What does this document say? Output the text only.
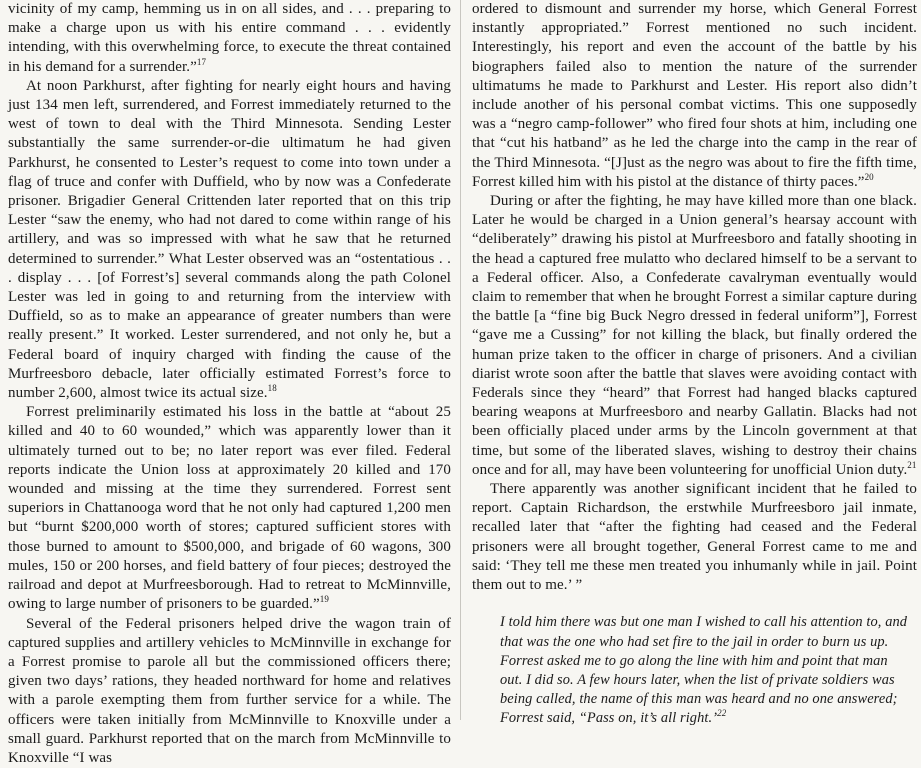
vicinity of my camp, hemming us in on all sides, and . . . preparing to make a charge upon us with his entire command . . . evidently intending, with this overwhelming force, to execute the threat contained in his demand for a surrender.”$^{17}$

At noon Parkhurst, after fighting for nearly eight hours and having just 134 men left, surrendered, and Forrest immediately returned to the west of town to deal with the Third Minnesota. Sending Lester substantially the same surrender-or-die ultimatum he had given Parkhurst, he consented to Lester’s request to come into town under a flag of truce and confer with Duffield, who by now was a Confederate prisoner. Brigadier General Crittenden later reported that on this trip Lester “saw the enemy, who had not dared to come within range of his artillery, and was so impressed with what he saw that he returned determined to surrender.” What Lester observed was an “ostentatious . . . display . . . [of Forrest’s] several commands along the path Colonel Lester was led in going to and returning from the interview with Duffield, so as to make an appearance of greater numbers than were really present.” It worked. Lester surrendered, and not only he, but a Federal board of inquiry charged with finding the cause of the Murfreesboro debacle, later officially estimated Forrest’s force to number 2,600, almost twice its actual size.$^{18}$

Forrest preliminarily estimated his loss in the battle at “about 25 killed and 40 to 60 wounded,” which was apparently lower than it ultimately turned out to be; no later report was ever filed. Federal reports indicate the Union loss at approximately 20 killed and 170 wounded and missing at the time they surrendered. Forrest sent superiors in Chattanooga word that he not only had captured 1,200 men but “burnt $200,000 worth of stores; captured sufficient stores with those burned to amount to $500,000, and brigade of 60 wagons, 300 mules, 150 or 200 horses, and field battery of four pieces; destroyed the railroad and depot at Murfreesborough. Had to retreat to McMinnville, owing to large number of prisoners to be guarded.”$^{19}$

Several of the Federal prisoners helped drive the wagon train of captured supplies and artillery vehicles to McMinnville in exchange for a Forrest promise to parole all but the commissioned officers there; given two days’ rations, they headed northward for home and relatives with a parole exempting them from further service for a while. The officers were taken initially from McMinnville to Knoxville under a small guard. Parkhurst reported that on the march from McMinnville to Knoxville “I was

ordered to dismount and surrender my horse, which General Forrest instantly appropriated.” Forrest mentioned no such incident. Interestingly, his report and even the account of the battle by his biographers failed also to mention the nature of the surrender ultimatums he made to Parkhurst and Lester. His report also didn’t include another of his personal combat victims. This one supposedly was a “negro camp-follower” who fired four shots at him, including one that “cut his hatband” as he led the charge into the camp in the rear of the Third Minnesota. “[J]ust as the negro was about to fire the fifth time, Forrest killed him with his pistol at the distance of thirty paces.”$^{20}$

During or after the fighting, he may have killed more than one black. Later he would be charged in a Union general’s hearsay account with “deliberately” drawing his pistol at Murfreesboro and fatally shooting in the head a captured free mulatto who declared himself to be a servant to a Federal officer. Also, a Confederate cavalryman eventually would claim to remember that when he brought Forrest a similar capture during the battle [a “fine big Buck Negro dressed in federal uniform”], Forrest “gave me a Cussing” for not killing the black, but finally ordered the human prize taken to the officer in charge of prisoners. And a civilian diarist wrote soon after the battle that slaves were avoiding contact with Federals since they “heard” that Forrest had hanged blacks captured bearing weapons at Murfreesboro and nearby Gallatin. Blacks had not been officially placed under arms by the Lincoln government at that time, but some of the liberated slaves, wishing to destroy their chains once and for all, may have been volunteering for unofficial Union duty.$^{21}$

There apparently was another significant incident that he failed to report. Captain Richardson, the erstwhile Murfreesboro jail inmate, recalled later that “after the fighting had ceased and the Federal prisoners were all brought together, General Forrest came to me and said: ‘They tell me these men treated you inhumanly while in jail. Point them out to me.’ ”

I told him there was but one man I wished to call his attention to, and that was the one who had set fire to the jail in order to burn us up. Forrest asked me to go along the line with him and point that man out. I did so. A few hours later, when the list of private soldiers was being called, the name of this man was heard and no one answered; Forrest said, “Pass on, it’s all right.’$^{22}$
